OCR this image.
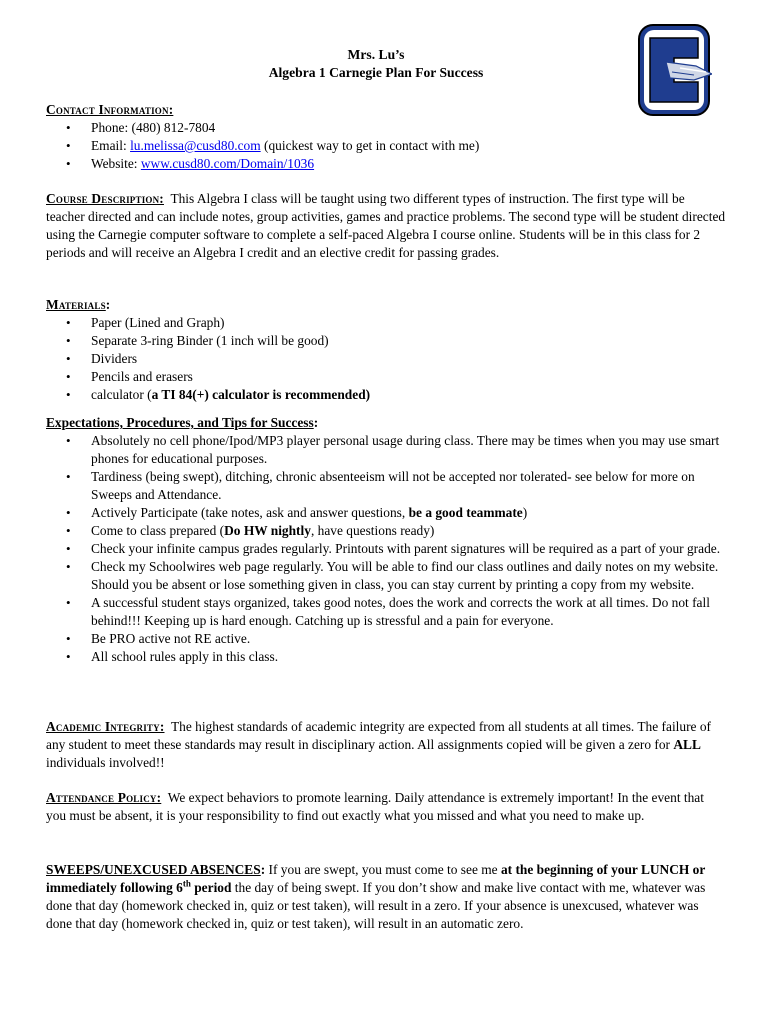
Mrs. Lu’s
Algebra 1 Carnegie Plan For Success
Contact Information:
• Phone: (480) 812-7804
• Email: lu.melissa@cusd80.com (quickest way to get in contact with me)
• Website: www.cusd80.com/Domain/1036

Course Description: This Algebra I class will be taught using two different types of instruction. The first type will be teacher directed and can include notes, group activities, games and practice problems. The second type will be student directed using the Carnegie computer software to complete a self-paced Algebra I course online. Students will be in this class for 2 periods and will receive an Algebra I credit and an elective credit for passing grades.

Materials:
• Paper (Lined and Graph)
• Separate 3-ring Binder (1 inch will be good)
• Dividers
• Pencils and erasers
• calculator (a TI 84(+) calculator is recommended)
Expectations, Procedures, and Tips for Success:
• Absolutely no cell phone/Ipod/MP3 player personal usage during class. There may be times when you may use smart phones for educational purposes.
• Tardiness (being swept), ditching, chronic absenteeism will not be accepted nor tolerated- see below for more on Sweeps and Attendance.
• Actively Participate (take notes, ask and answer questions, be a good teammate)
• Come to class prepared (Do HW nightly, have questions ready)
• Check your infinite campus grades regularly. Printouts with parent signatures will be required as a part of your grade.
• Check my Schoolwires web page regularly. You will be able to find our class outlines and daily notes on my website. Should you be absent or lose something given in class, you can stay current by printing a copy from my website.
• A successful student stays organized, takes good notes, does the work and corrects the work at all times. Do not fall behind!!! Keeping up is hard enough. Catching up is stressful and a pain for everyone.
• Be PRO active not RE active.
• All school rules apply in this class.

Academic Integrity: The highest standards of academic integrity are expected from all students at all times. The failure of any student to meet these standards may result in disciplinary action. All assignments copied will be given a zero for ALL individuals involved!!

Attendance Policy: We expect behaviors to promote learning. Daily attendance is extremely important! In the event that you must be absent, it is your responsibility to find out exactly what you missed and what you need to make up.

SWEEPS/UNEXCUSED ABSENCES: If you are swept, you must come to see me at the beginning of your LUNCH or immediately following 6th period the day of being swept. If you don’t show and make live contact with me, whatever was done that day (homework checked in, quiz or test taken), will result in a zero. If your absence is unexcused, whatever was done that day (homework checked in, quiz or test taken), will result in an automatic zero.
